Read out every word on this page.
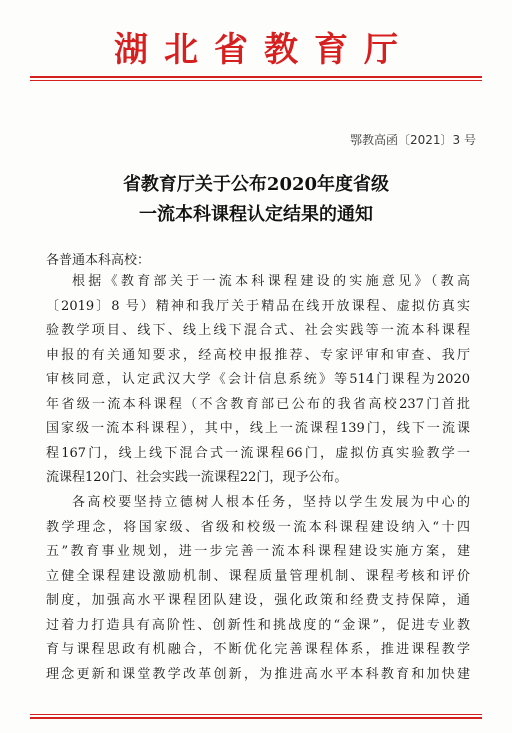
湖北省教育厅
鄂教高函〔2021〕3 号
省教育厅关于公布2020年度省级
一流本科课程认定结果的通知
各普通本科高校：
根据《教育部关于一流本科课程建设的实施意见》（教高
〔2019〕8 号）精神和我厅关于精品在线开放课程、虚拟仿真实
验教学项目、线下、线上线下混合式、社会实践等一流本科课程
申报的有关通知要求，经高校申报推荐、专家评审和审查、我厅
审核同意，认定武汉大学《会计信息系统》等514门课程为2020
年省级一流本科课程（不含教育部已公布的我省高校237门首批
国家级一流本科课程），其中，线上一流课程139门，线下一流课
程167门，线上线下混合式一流课程66门，虚拟仿真实验教学一
流课程120门、社会实践一流课程22门，现予公布。
各高校要坚持立德树人根本任务，坚持以学生发展为中心的
教学理念，将国家级、省级和校级一流本科课程建设纳入“十四
五”教育事业规划，进一步完善一流本科课程建设实施方案，建
立健全课程建设激励机制、课程质量管理机制、课程考核和评价
制度，加强高水平课程团队建设，强化政策和经费支持保障，通
过着力打造具有高阶性、创新性和挑战度的“金课”，促进专业教
育与课程思政有机融合，不断优化完善课程体系，推进课程教学
理念更新和课堂教学改革创新，为推进高水平本科教育和加快建
